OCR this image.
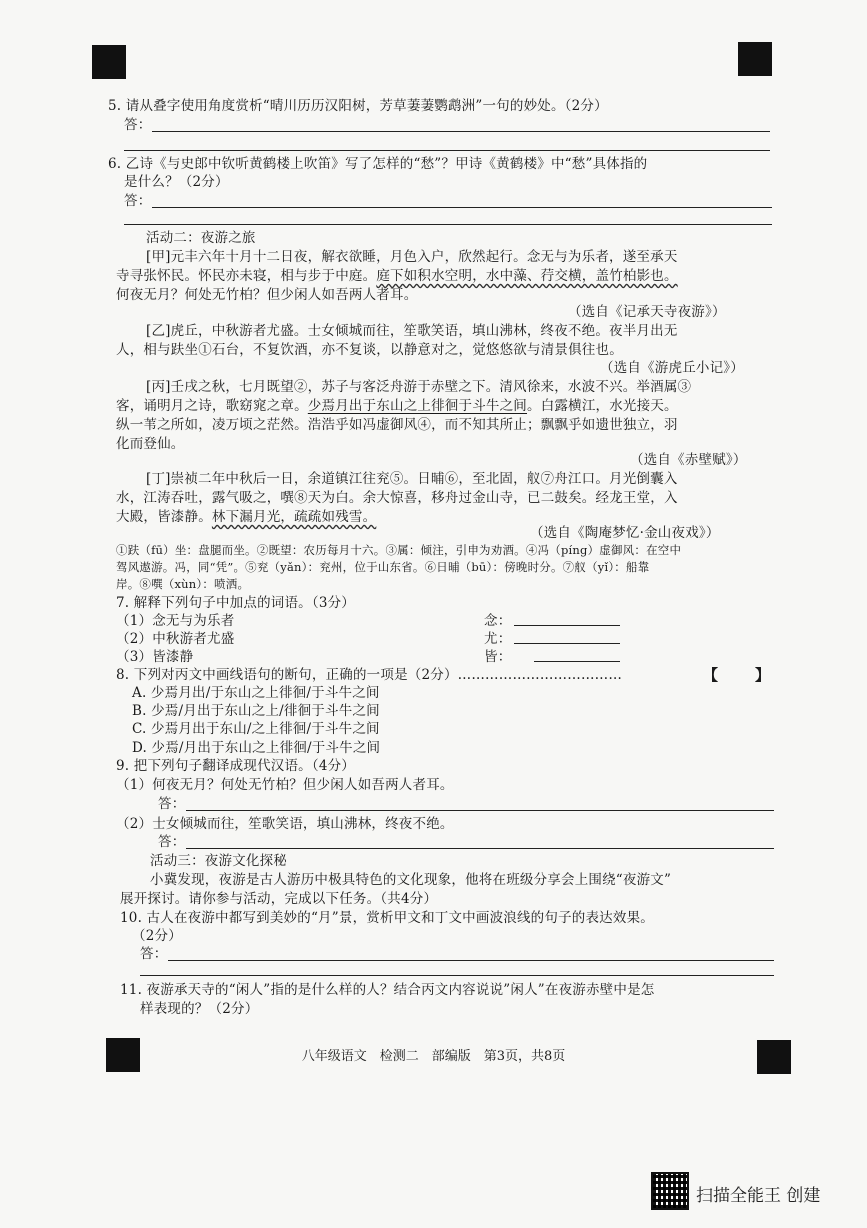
5. 请从叠字使用角度赏析“晴川历历汉阳树，芳草萋萋鹦鹉洲”一句的妙处。（2分）
答：
6. 乙诗《与史郎中钦听黄鹤楼上吹笛》写了怎样的“愁”？甲诗《黄鹤楼》中“愁”具体指的
是什么？（2分）
答：
活动二：夜游之旅
[甲]元丰六年十月十二日夜，解衣欲睡，月色入户，欣然起行。念无与为乐者，遂至承天
寺寻张怀民。怀民亦未寝，相与步于中庭。庭下如积水空明，水中藻、荇交横，盖竹柏影也。
何夜无月？何处无竹柏？但少闲人如吾两人者耳。
（选自《记承天寺夜游》）
[乙]虎丘，中秋游者尤盛。士女倾城而往，笙歌笑语，填山沸林，终夜不绝。夜半月出无
人，相与趺坐①石台，不复饮酒，亦不复谈，以静意对之，觉悠悠欲与清景俱往也。
（选自《游虎丘小记》）
[丙]壬戌之秋，七月既望②，苏子与客泛舟游于赤壁之下。清风徐来，水波不兴。举酒属③
客，诵明月之诗，歌窈窕之章。少焉月出于东山之上徘徊于斗牛之间。白露横江，水光接天。
纵一苇之所如，凌万顷之茫然。浩浩乎如冯虚御风④，而不知其所止；飘飘乎如遗世独立，羽
化而登仙。
（选自《赤壁赋》）
[丁]崇祯二年中秋后一日，余道镇江往兖⑤。日晡⑥，至北固，舣⑦舟江口。月光倒囊入
水，江涛吞吐，露气吸之，噀⑧天为白。余大惊喜，移舟过金山寺，已二鼓矣。经龙王堂，入
大殿，皆漆静。林下漏月光，疏疏如残雪。
（选自《陶庵梦忆·金山夜戏》）
①趺（fū）坐：盘腿而坐。②既望：农历每月十六。③属：倾注，引申为劝酒。④冯（píng）虚御风：在空中
驾风遨游。冯，同“凭”。⑤兖（yǎn）：兖州，位于山东省。⑥日晡（bū）：傍晚时分。⑦舣（yǐ）：船靠
岸。⑧噀（xùn）：喷洒。
7. 解释下列句子中加点的词语。（3分）
（1）念无与为乐者
（2）中秋游者尤盛
（3）皆漆静
念：
尤：
皆：
8. 下列对丙文中画线语句的断句，正确的一项是（2分）………………………………	【 】
A. 少焉月出/于东山之上徘徊/于斗牛之间
B. 少焉/月出于东山之上/徘徊于斗牛之间
C. 少焉月出于东山/之上徘徊/于斗牛之间
D. 少焉/月出于东山之上徘徊/于斗牛之间
9. 把下列句子翻译成现代汉语。（4分）
（1）何夜无月？何处无竹柏？但少闲人如吾两人者耳。
答：
（2）士女倾城而往，笙歌笑语，填山沸林，终夜不绝。
答：
活动三：夜游文化探秘
小冀发现，夜游是古人游历中极具特色的文化现象，他将在班级分享会上围绕“夜游文”
展开探讨。请你参与活动，完成以下任务。（共4分）
10. 古人在夜游中都写到美妙的“月”景，赏析甲文和丁文中画波浪线的句子的表达效果。
（2分）
答：
11. 夜游承天寺的“闲人”指的是什么样的人？结合丙文内容说说”闲人”在夜游赤壁中是怎
样表现的？（2分）
八年级语文　检测二　部编版　第3页，共8页
扫描全能王 创建
